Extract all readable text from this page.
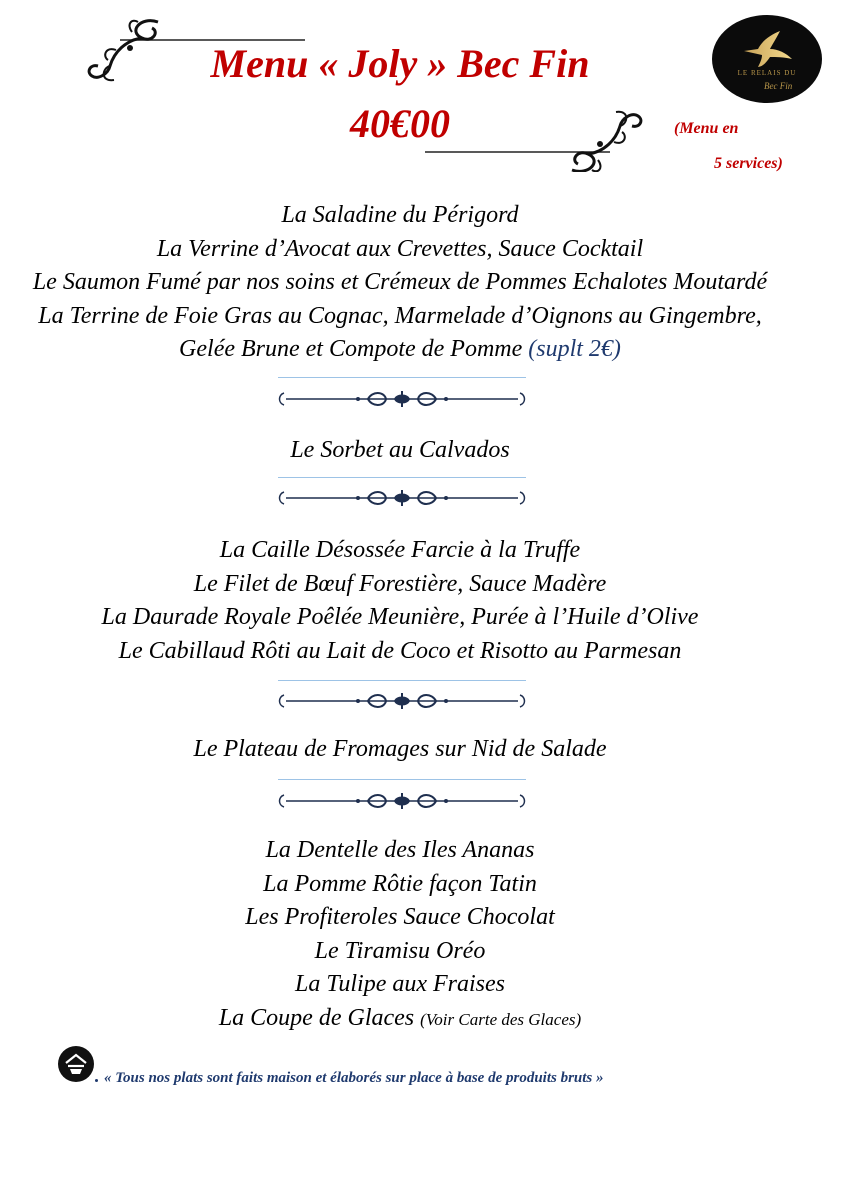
Menu « Joly » Bec Fin
40€00	(Menu en
5 services)
LE RELAIS DU
Bec Fin
La Saladine du Périgord
La Verrine d’Avocat aux Crevettes, Sauce Cocktail
Le Saumon Fumé par nos soins et Crémeux de Pommes Echalotes Moutardé
La Terrine de Foie Gras au Cognac, Marmelade d’Oignons au Gingembre,
Gelée Brune et Compote de Pomme (suplt 2€)
Le Sorbet au Calvados
La Caille Désossée Farcie à la Truffe
Le Filet de Bœuf Forestière, Sauce Madère
La Daurade Royale Poêlée Meunière, Purée à l’Huile d’Olive
Le Cabillaud Rôti au Lait de Coco et Risotto au Parmesan
Le Plateau de Fromages sur Nid de Salade
La Dentelle des Iles Ananas
La Pomme Rôtie façon Tatin
Les Profiteroles Sauce Chocolat
Le Tiramisu Oréo
La Tulipe aux Fraises
La Coupe de Glaces (Voir Carte des Glaces)
« Tous nos plats sont faits maison et élaborés sur place à base de produits bruts »
